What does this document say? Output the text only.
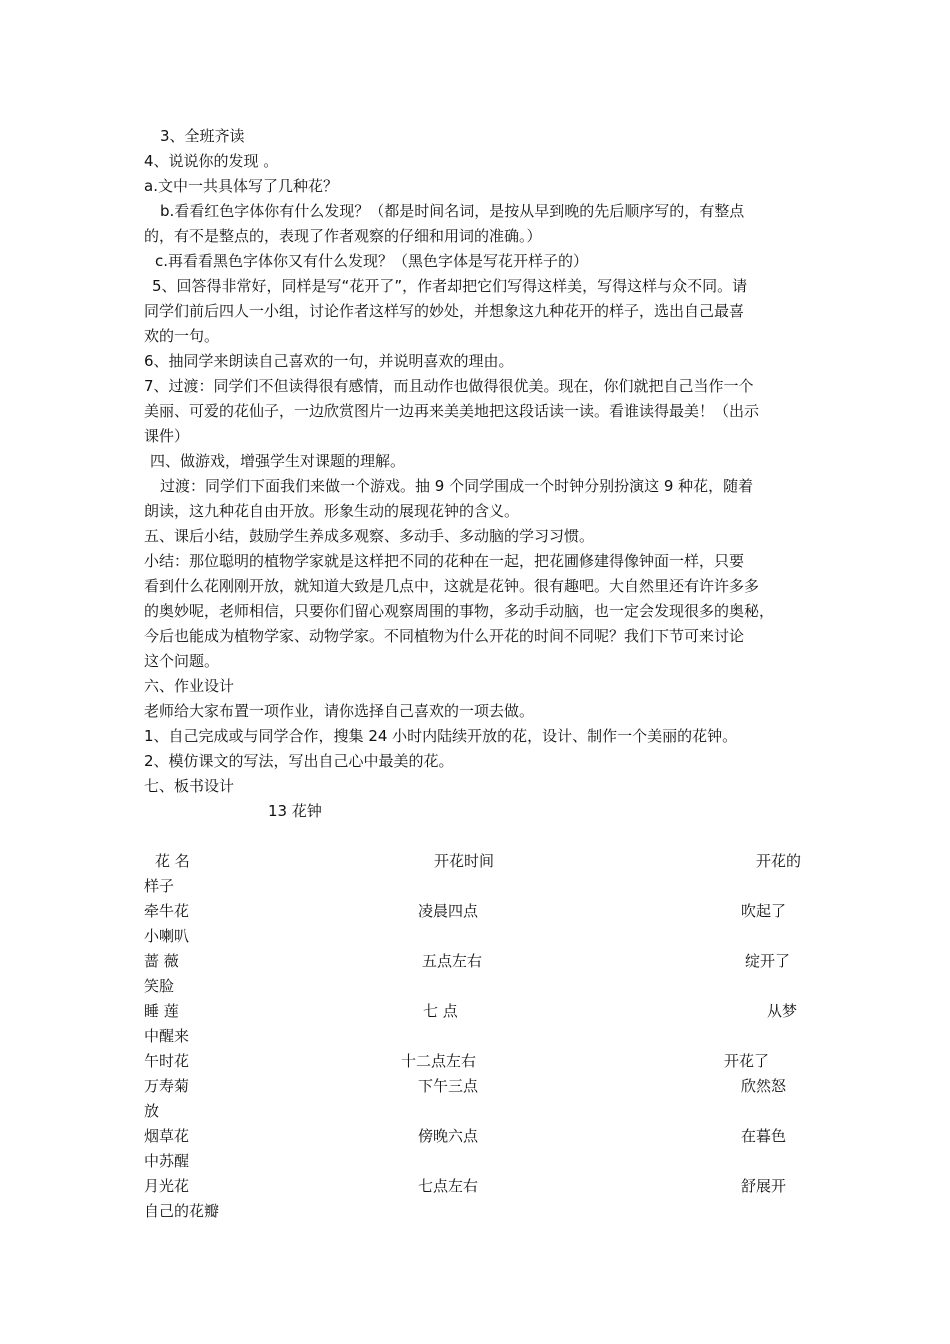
3、全班齐读

4、说说你的发现 。

a.文中一共具体写了几种花？

b.看看红色字体你有什么发现？（都是时间名词，是按从早到晚的先后顺序写的，有整点

的，有不是整点的，表现了作者观察的仔细和用词的准确。）

c.再看看黑色字体你又有什么发现？（黑色字体是写花开样子的）

5、回答得非常好，同样是写“花开了”，作者却把它们写得这样美，写得这样与众不同。请

同学们前后四人一小组，讨论作者这样写的妙处，并想象这九种花开的样子，选出自己最喜

欢的一句。

6、抽同学来朗读自己喜欢的一句，并说明喜欢的理由。

7、过渡：同学们不但读得很有感情，而且动作也做得很优美。现在，你们就把自己当作一个

美丽、可爱的花仙子，一边欣赏图片一边再来美美地把这段话读一读。看谁读得最美！（出示

课件）

四、做游戏，增强学生对课题的理解。

过渡：同学们下面我们来做一个游戏。抽 9 个同学围成一个时钟分别扮演这 9 种花，随着

朗读，这九种花自由开放。形象生动的展现花钟的含义。

五、课后小结，鼓励学生养成多观察、多动手、多动脑的学习习惯。

小结：那位聪明的植物学家就是这样把不同的花种在一起，把花圃修建得像钟面一样，只要

看到什么花刚刚开放，就知道大致是几点中，这就是花钟。很有趣吧。大自然里还有许许多多

的奥妙呢，老师相信，只要你们留心观察周围的事物，多动手动脑，也一定会发现很多的奥秘，

今后也能成为植物学家、动物学家。不同植物为什么开花的时间不同呢？我们下节可来讨论

这个问题。

六、作业设计

老师给大家布置一项作业，请你选择自己喜欢的一项去做。

1、自己完成或与同学合作，搜集 24 小时内陆续开放的花，设计、制作一个美丽的花钟。

2、模仿课文的写法，写出自己心中最美的花。

七、板书设计

13 花钟

花 名	开花时间	开花的
样子
牵牛花	凌晨四点	吹起了
小喇叭
蔷 薇	五点左右	绽开了
笑脸
睡 莲	七 点	从梦
中醒来
午时花	十二点左右	开花了
万寿菊	下午三点	欣然怒
放
烟草花	傍晚六点	在暮色
中苏醒
月光花	七点左右	舒展开
自己的花瓣
